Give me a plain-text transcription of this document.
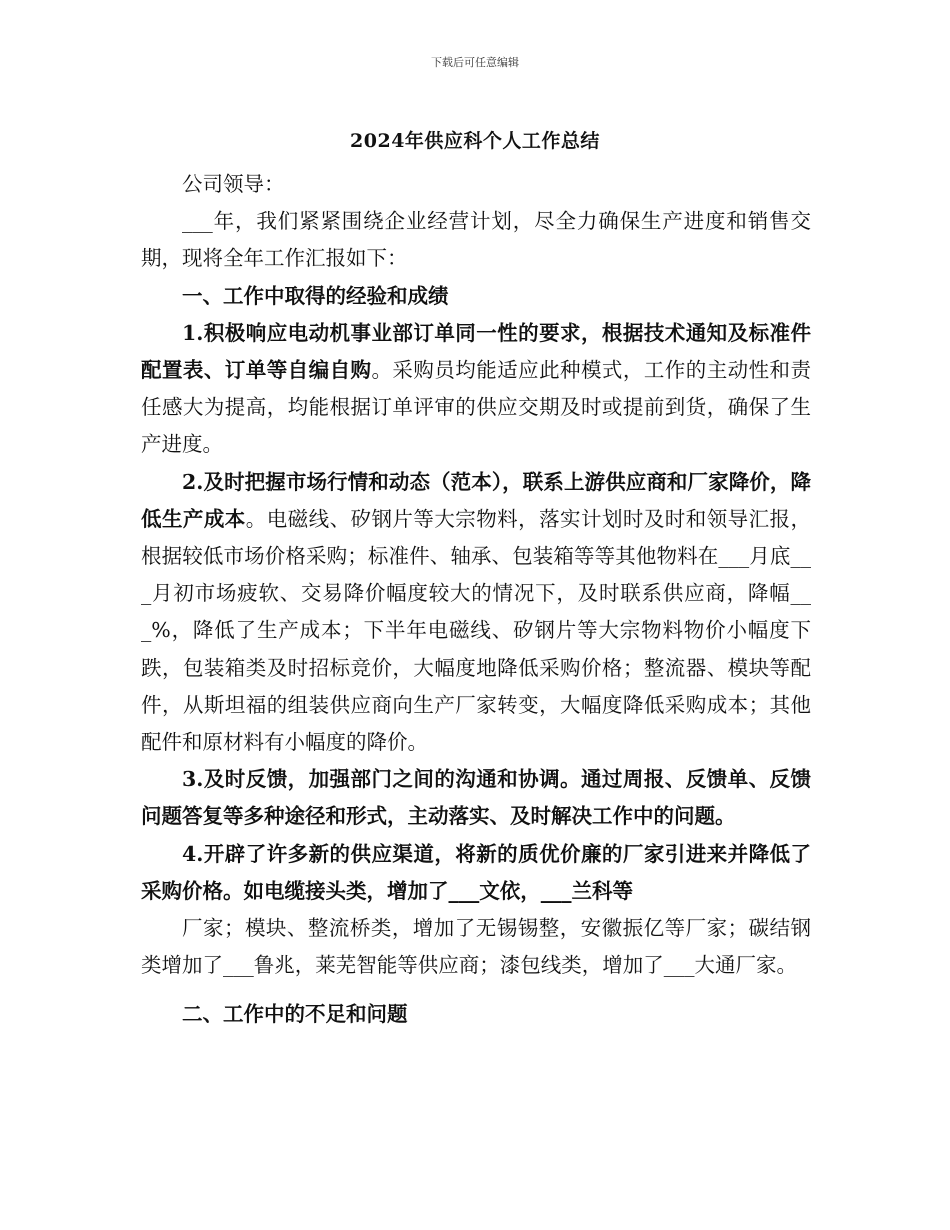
下载后可任意编辑
2024年供应科个人工作总结

公司领导：

___年，我们紧紧围绕企业经营计划，尽全力确保生产进度和销售交期，现将全年工作汇报如下：

一、工作中取得的经验和成绩

1.积极响应电动机事业部订单同一性的要求，根据技术通知及标准件配置表、订单等自编自购。采购员均能适应此种模式，工作的主动性和责任感大为提高，均能根据订单评审的供应交期及时或提前到货，确保了生产进度。

2.及时把握市场行情和动态（范本），联系上游供应商和厂家降价，降低生产成本。电磁线、矽钢片等大宗物料，落实计划时及时和领导汇报，根据较低市场价格采购；标准件、轴承、包装箱等等其他物料在___月底___月初市场疲软、交易降价幅度较大的情况下，及时联系供应商，降幅___%，降低了生产成本；下半年电磁线、矽钢片等大宗物料物价小幅度下跌，包装箱类及时招标竞价，大幅度地降低采购价格；整流器、模块等配件，从斯坦福的组装供应商向生产厂家转变，大幅度降低采购成本；其他配件和原材料有小幅度的降价。

3.及时反馈，加强部门之间的沟通和协调。通过周报、反馈单、反馈问题答复等多种途径和形式，主动落实、及时解决工作中的问题。

4.开辟了许多新的供应渠道，将新的质优价廉的厂家引进来并降低了采购价格。如电缆接头类，增加了___文依，___兰科等

厂家；模块、整流桥类，增加了无锡锡整，安徽振亿等厂家；碳结钢类增加了___鲁兆，莱芜智能等供应商；漆包线类，增加了___大通厂家。

二、工作中的不足和问题
